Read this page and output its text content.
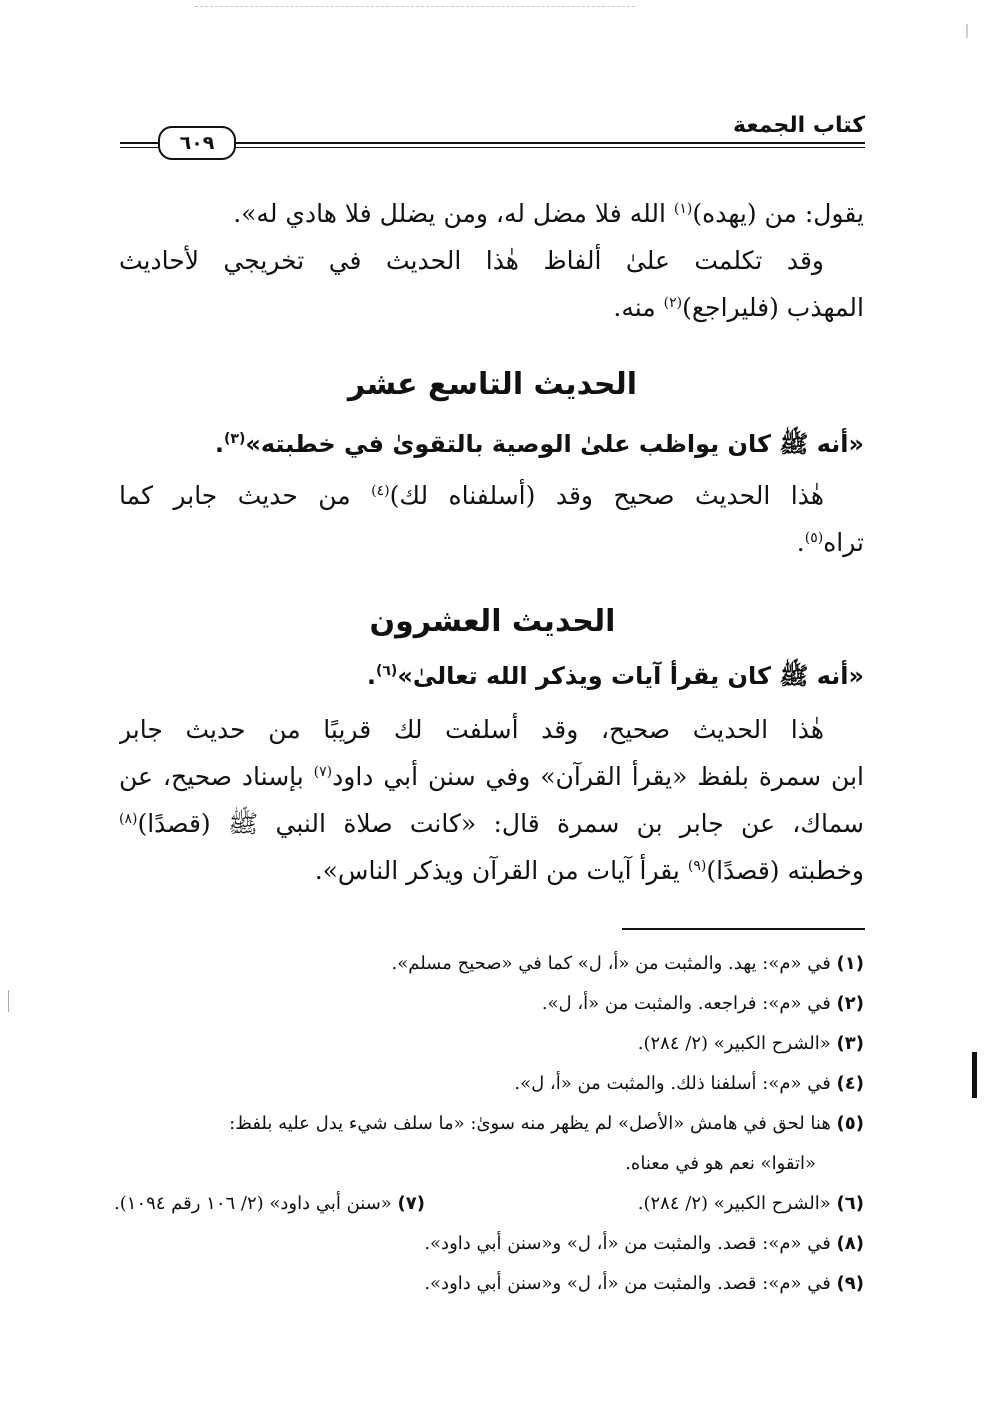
كتاب الجمعة
٦٠٩
يقول: من (يهده)$^{(١)}$ الله فلا مضل له، ومن يضلل فلا هادي له».
وقد تكلمت علىٰ ألفاظ هٰذا الحديث في تخريجي لأحاديث
المهذب (فليراجع)$^{(٢)}$ منه.
الحديث التاسع عشر
«أنه ﷺ كان يواظب علىٰ الوصية بالتقوىٰ في خطبته»$^{(٣)}$.
هٰذا الحديث صحيح وقد (أسلفناه لك)$^{(٤)}$ من حديث جابر كما
تراه$^{(٥)}$.
الحديث العشرون
«أنه ﷺ كان يقرأ آيات ويذكر الله تعالىٰ»$^{(٦)}$.
هٰذا الحديث صحيح، وقد أسلفت لك قريبًا من حديث جابر
ابن سمرة بلفظ «يقرأ القرآن» وفي سنن أبي داود$^{(٧)}$ بإسناد صحيح، عن
سماك، عن جابر بن سمرة قال: «كانت صلاة النبي ﷺ (قصدًا)$^{(٨)}$
وخطبته (قصدًا)$^{(٩)}$ يقرأ آيات من القرآن ويذكر الناس».
(١) في «م»: يهد. والمثبت من «أ، ل» كما في «صحيح مسلم».
(٢) في «م»: فراجعه. والمثبت من «أ، ل».
(٣) «الشرح الكبير» (٢/ ٢٨٤).
(٤) في «م»: أسلفنا ذلك. والمثبت من «أ، ل».
(٥) هنا لحق في هامش «الأصل» لم يظهر منه سوىٰ: «ما سلف شيء يدل عليه بلفظ:
«اتقوا» نعم هو في معناه.
(٦) «الشرح الكبير» (٢/ ٢٨٤).
(٧) «سنن أبي داود» (٢/ ١٠٦ رقم ١٠٩٤).
(٨) في «م»: قصد. والمثبت من «أ، ل» و«سنن أبي داود».
(٩) في «م»: قصد. والمثبت من «أ، ل» و«سنن أبي داود».
